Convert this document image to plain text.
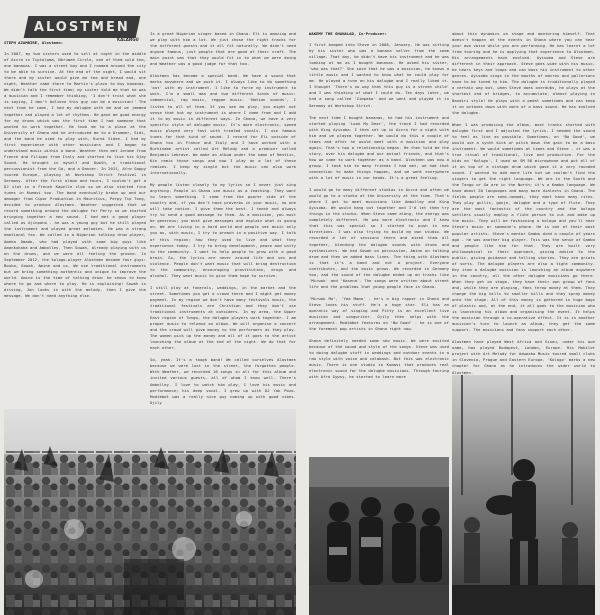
ALOSTMEN
KALANGU

STEPH AZAMBIRE, Alostmen:

In 2007, my two sisters used to sell at night in the middle of Accra in Tiptolama, Nkrumah Circle, one of them sold tea, one bananas. I was a street boy and I roamed around the city to be able to survive. At the end of the night, I would sit there and my sister would give me tea and bread and, one night, Weather came there to Martin's place to buy bananas. We didn't talk the first time; my sister told me that he was a musician and I remember thinking, 'I don't trust what she is saying, I don't believe this guy can be a musician!' The next time he came, I had my dalugbe with me and we jammed together and played a lot of rhythms. He gave me good energy for my drums which was the first time I had someone that wanted to work together. He took me to a place at the University of Ghana and he introduced me to a Drummer, Sidi, and the band he used to play with, Kurmi Sidee. I had my first experience with other musicians and I began to understand music within a band. Weather then met Jerome from France and Filippo from Italy and started to live his Ojay Sound. He brought in myself and Dwoth, a traditional percussionist from the Ga, and a Dancer. In 2011, Afro Gappy toured Europe, playing at Workshop Strict Festival in Germany. After the first album and tours, I couldn't get a DJ slot in a French Kapelle club so we also started fine tunes in Kumasi too. The band eventually broke up and our manager from Cipor Production in Mauritius, Perpy Tip Tong, decided to produce Alostmen. Weather suggested that we record something around the dalugbe for Perry so we started bringing together a new sound. I had met a good player called as Ajinpoho - he was a young guy but he still played the instrument and played great melodies. He was a strong emotional fan. We called in a Nigerian talking drum player, Ameka Omado, who had played with some big guys like Amankuhaha and Ambolley. Then Sowah, already playing with us on the drums, and we were all feeling the groove. In September 2012, the kologo-player Alostmen became four guys: Bouka, Sowah, Amine and us. We use traditional instruments but we bring something authentic and unique to improve the world. Amine is the time of talking drum: he shows to know where to go and where to play. He is explaining! Sowah is driving, Jon looks in with the melody, then I give the message. We don't need anything else.

Is a great Nigerian singer based in Ghana. Eli is amazing and we play with him a lot. We just chose the right tracks for the different guests and it all fit naturally. We didn't need anyone famous, just people that are good at their craft. The main point was that they would fit in to what we were doing and Weather was a good judge for that too.

Alostmen has become a special band. We have a sound that marks anywhere and we push it. I always like to do something 'out' with my instrument. I like to force my instrument to work. I'm a small man and two different kinds of music: commercial, rap music, reggae music. 'Nation sounds', I listen to all of them. If you see me play, you might not sense that but my instrument is where I come from and I add it to my music in different ways. In Ghana, we have a very specific style of dalugbe music. It's more electronic, speed music played very fast with treated vocals. I use famous tunes for that kind of sound. I record for Eli outside of Ghana too in France and Italy and I have worked with a Burkinabe artist called Art Melody and a producer called Benjamin Lebrave. We make an album under the name of Nestiic, Kin remix those songs and now I play on a lot of these remixes. I keep my single but the music can also work internationally.

My people listen closely to my lyrics so I never just sing anything. People in Ghana see music as a teaching. They want to learn something. I come from the poorer side of the country and, if you don't have proverbs in your music, no one will take notice. I give them the best. I teach and always try to send a good message to them. As a musician, you must be generous; you must give messages and explain what is going on. We are living in a hard world and people see music only you as, with music, I try to preach in a positive way. I talk of this region; how they used to live and what they experience today. I try to bring development, peace and unity to the community. I want to help people to grow with a good brain. So, the lyrics are never around life and sex and violence. People don't want music that will bring destruction to the community, encouraging prostitution, drugs and alcohol. They want music to give them hope to survive.

I still play at funerals, weddings, in the market and the street. Sometimes you get a crowd there and I might get money payment. In my region we don't have many festivals music, the traditional festivals are Christian and they don't use traditional instruments at outsiders. In my area, the Upper East region of Tongo, the dalugbe players work together. I am proper music to release an album. We will organise a concert and the crowd will give money to the performers as they play. The women pick up the money and all of it goes to the artist launching the album at the end of the night. We do that for each other.

So, yeah. It's a tough band! We called ourselves Alostmen because we were lost in the street, the forgotten people. With Weather, we recorded 16 songs in all for this album and invited various guests, all of whom I know well. There's Ambolley. I love to watch him play, I love his music and performance; his deep vocal. I grew up with DJ Yak Pozo. Modibbot was a really nice guy coming up with good vibes. Ojily

WAKEMY THE GHANALAD, Co-Producer:

I first bumped into Steve in 2008, January. He was sitting by his sister who was a banana seller from the seem village. That day, he didn't have his instrument and he was looking at me as I bought bananas. He asked his sister, 'who was that?' She said that he was a musician, he knows a little music and I wanted to know what he could play for me. He played a tune on his dalugbe and I really liked it. I thought 'There's no way that this guy is a street child' and I was thinking of what I could do. Ten days later, we had a song called 'Zimpaka' and we went and played it in Germany at Workshop Strict.

The next time I bought bananas, he had his instrument and started playing 'Look My Dear', the track I had recorded with King Ayisoba. I then set up in Accra for a night with him and we played together. We would do this a couple of times and after he would meet with a musician and play again. That's how a relationship began. He then told me the story, over his dalugbe and our mutual friends, and that's how we came to work together as a band. Alostmen was now a group. I took him to many friends I had met, we had that connection to make things happen, and we went everywhere with a lot of music in our heads. It's a great feeling.

I would go to many different studios in Accra and often we would go to a studio at the University at the time. That's where I got to meet musicians like Ambolley and King Ayisoba. We would hang out together and I'd let them try things in the studio. When Steve came along, the energy was completely different. He was more electronic and I knew that this was special so I started to push in new directions. I was also trying to build my own studio. We recorded a lot of sessions there and mixed them all together, blending the dalugbe sounds with drums and synthesizers. We had Sowah on percussion, Amine on talking drum and then we added bass lines. The thing with Alostmen is that it's a band and not a project. Everyone contributes, and the music grows. We recorded in Germany too, and the sound of the dalugbe ended up on tracks like 'Mirwok' and 'Kasena'. The songs were written about street life and the problems that young people face in Ghana.

'Mirwok Mo', 'Yaa Mama' - he's a big rapper in Ghana and Steve loves his stuff. He's a huge star. Eli has an operatic way of singing and Pitty is an excellent live musician and songwriter. Ojily then helps with the arrangement. Modibbot features on 'No Good' - he is one of the foremost pop artists in Ghana right now.

Ghana definitely needed some new music. We were excited because of the sound and style of the songs. Steve was used to doing dalugbe stuff in weddings and outdoor events in a raw style with voice and calabash. But this was electronic music. There is one studio in Kumasi that produces real electronic sound for the dalugbe musicians. Through touring with Afro Gypsy, he started to learn more

about this dynamics on stage and mentoring himself. That doesn't happen at the events in Ghana where you can hear your own voice while you are performing. He has learnt a lot from touring and he is applying that experience to Alostmen. His arrangements have evolved. Ayisoba and Steve are different in their approach. Steve goes wide with his music, he hears keys and loops and can bass his instrument to other genres. Ayisoba sings in the mouths of macros and gallerians have to be tuned to him. The dalugbe is traditionally played a certain way but, when Steve does overdubs, he plays at the shortest end of bridges, to accumulate, almost playing in Bandiri style! He plays with a pedal sometimes and can keep it on octaves down with more of a bass sound. He has evolved the dalugbe.

When I was producing the album, most tracks started with dalugbe first and I adjusted the lyrics. I needed the sound to feel as live as possible. Sometimes, on 'Bo Good', we would use a synth kick or pitch down the gain to be a bass instrument. We would sometimes at times and Steve - it was a true ritual of traditional, live and production. For the kids on 'Kolugo', I used an SM 58 microphone and put all of it on top of a vintage drum which gave it a very rounded sound. I wanted to add more life but we couldn't find the singers to get the right language. We are in the South and the Tongo or Ga are in the North; it's a Kamba language. We have about 50 languages and many more dialects in Ghana. The fields people are semi-nomads, they dont have many rites. They play gullis, gonje, dalugbe and a type of flute. They are the most fantastic of the country and the kologo settlers usually employ a flute person to cut and make up the music. They will be fashioning a kologo and you'll hear Steve's music or someone's phone. He is one of their most popular artists. Steve's mentor Gambo died a couple of years ago - he was another big player. This was the sense of Gambo and people like him for that. They are built very philosophical in their approach, giving advice to the public, giving guidance and telling stories. They are griots of sorts. The dalugbe players are also a tight community. Key item a dalugbe musician is launching an album anywhere in the country, all the other dalugbe musicians go there. When they get on stage, they have their own group of fans and, while they are playing, fans throw money at them. They change the big bills to smaller bills and they spray money onto the stage. All of this money is gathered in huge bags of plastic and, at the end, it all goes to the musician who is launching his album and organising the event. It helps the musician through a co-operative effect. It is in another musician's turn to launch an album, they get the same support. The musicians and fans support each other.

Alostmen have played West Africa and Sineu, under his own name, has played Budapest, London, Europe. His Mobilot project with Art Melody for Adwoaka Music toured small clubs in Slovenia, Prague and Eastern Europe. 'Kologo' marks a new chapter for Ghana as he introduces the wider world to Alostmen.
